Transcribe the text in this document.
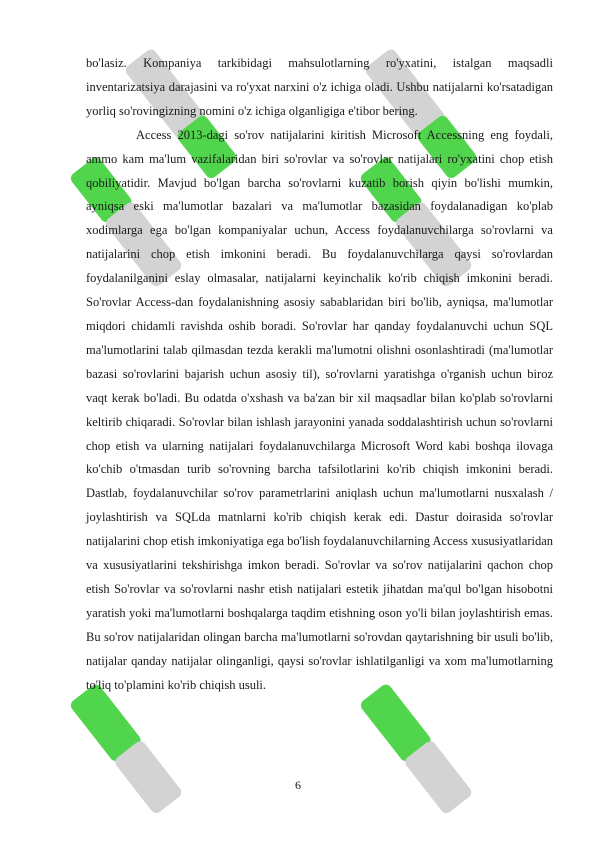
bo'lasiz. Kompaniya tarkibidagi mahsulotlarning ro'yxatini, istalgan maqsadli inventarizatsiya darajasini va ro'yxat narxini o'z ichiga oladi. Ushbu natijalarni ko'rsatadigan yorliq so'rovingizning nomini o'z ichiga olganligiga e'tibor bering.

Access 2013-dagi so'rov natijalarini kiritish Microsoft Accessning eng foydali, ammo kam ma'lum vazifalaridan biri so'rovlar va so'rovlar natijalari ro'yxatini chop etish qobiliyatidir. Mavjud bo'lgan barcha so'rovlarni kuzatib borish qiyin bo'lishi mumkin, ayniqsa eski ma'lumotlar bazalari va ma'lumotlar bazasidan foydalanadigan ko'plab xodimlarga ega bo'lgan kompaniyalar uchun, Access foydalanuvchilarga so'rovlarni va natijalarini chop etish imkonini beradi. Bu foydalanuvchilarga qaysi so'rovlardan foydalanilganini eslay olmasalar, natijalarni keyinchalik ko'rib chiqish imkonini beradi. So'rovlar Access-dan foydalanishning asosiy sabablaridan biri bo'lib, ayniqsa, ma'lumotlar miqdori chidamli ravishda oshib boradi. So'rovlar har qanday foydalanuvchi uchun SQL ma'lumotlarini talab qilmasdan tezda kerakli ma'lumotni olishni osonlashtiradi (ma'lumotlar bazasi so'rovlarini bajarish uchun asosiy til), so'rovlarni yaratishga o'rganish uchun biroz vaqt kerak bo'ladi. Bu odatda o'xshash va ba'zan bir xil maqsadlar bilan ko'plab so'rovlarni keltirib chiqaradi. So'rovlar bilan ishlash jarayonini yanada soddalashtirish uchun so'rovlarni chop etish va ularning natijalari foydalanuvchilarga Microsoft Word kabi boshqa ilovaga ko'chib o'tmasdan turib so'rovning barcha tafsilotlarini ko'rib chiqish imkonini beradi. Dastlab, foydalanuvchilar so'rov parametrlarini aniqlash uchun ma'lumotlarni nusxalash / joylashtirish va SQLda matnlarni ko'rib chiqish kerak edi. Dastur doirasida so'rovlar natijalarini chop etish imkoniyatiga ega bo'lish foydalanuvchilarning Access xususiyatlaridan va xususiyatlarini tekshirishga imkon beradi. So'rovlar va so'rov natijalarini qachon chop etish So'rovlar va so'rovlarni nashr etish natijalari estetik jihatdan ma'qul bo'lgan hisobotni yaratish yoki ma'lumotlarni boshqalarga taqdim etishning oson yo'li bilan joylashtirish emas. Bu so'rov natijalaridan olingan barcha ma'lumotlarni so'rovdan qaytarishning bir usuli bo'lib, natijalar qanday natijalar olinganligi, qaysi so'rovlar ishlatilganligi va xom ma'lumotlarning to'liq to'plamini ko'rib chiqish usuli.

6
